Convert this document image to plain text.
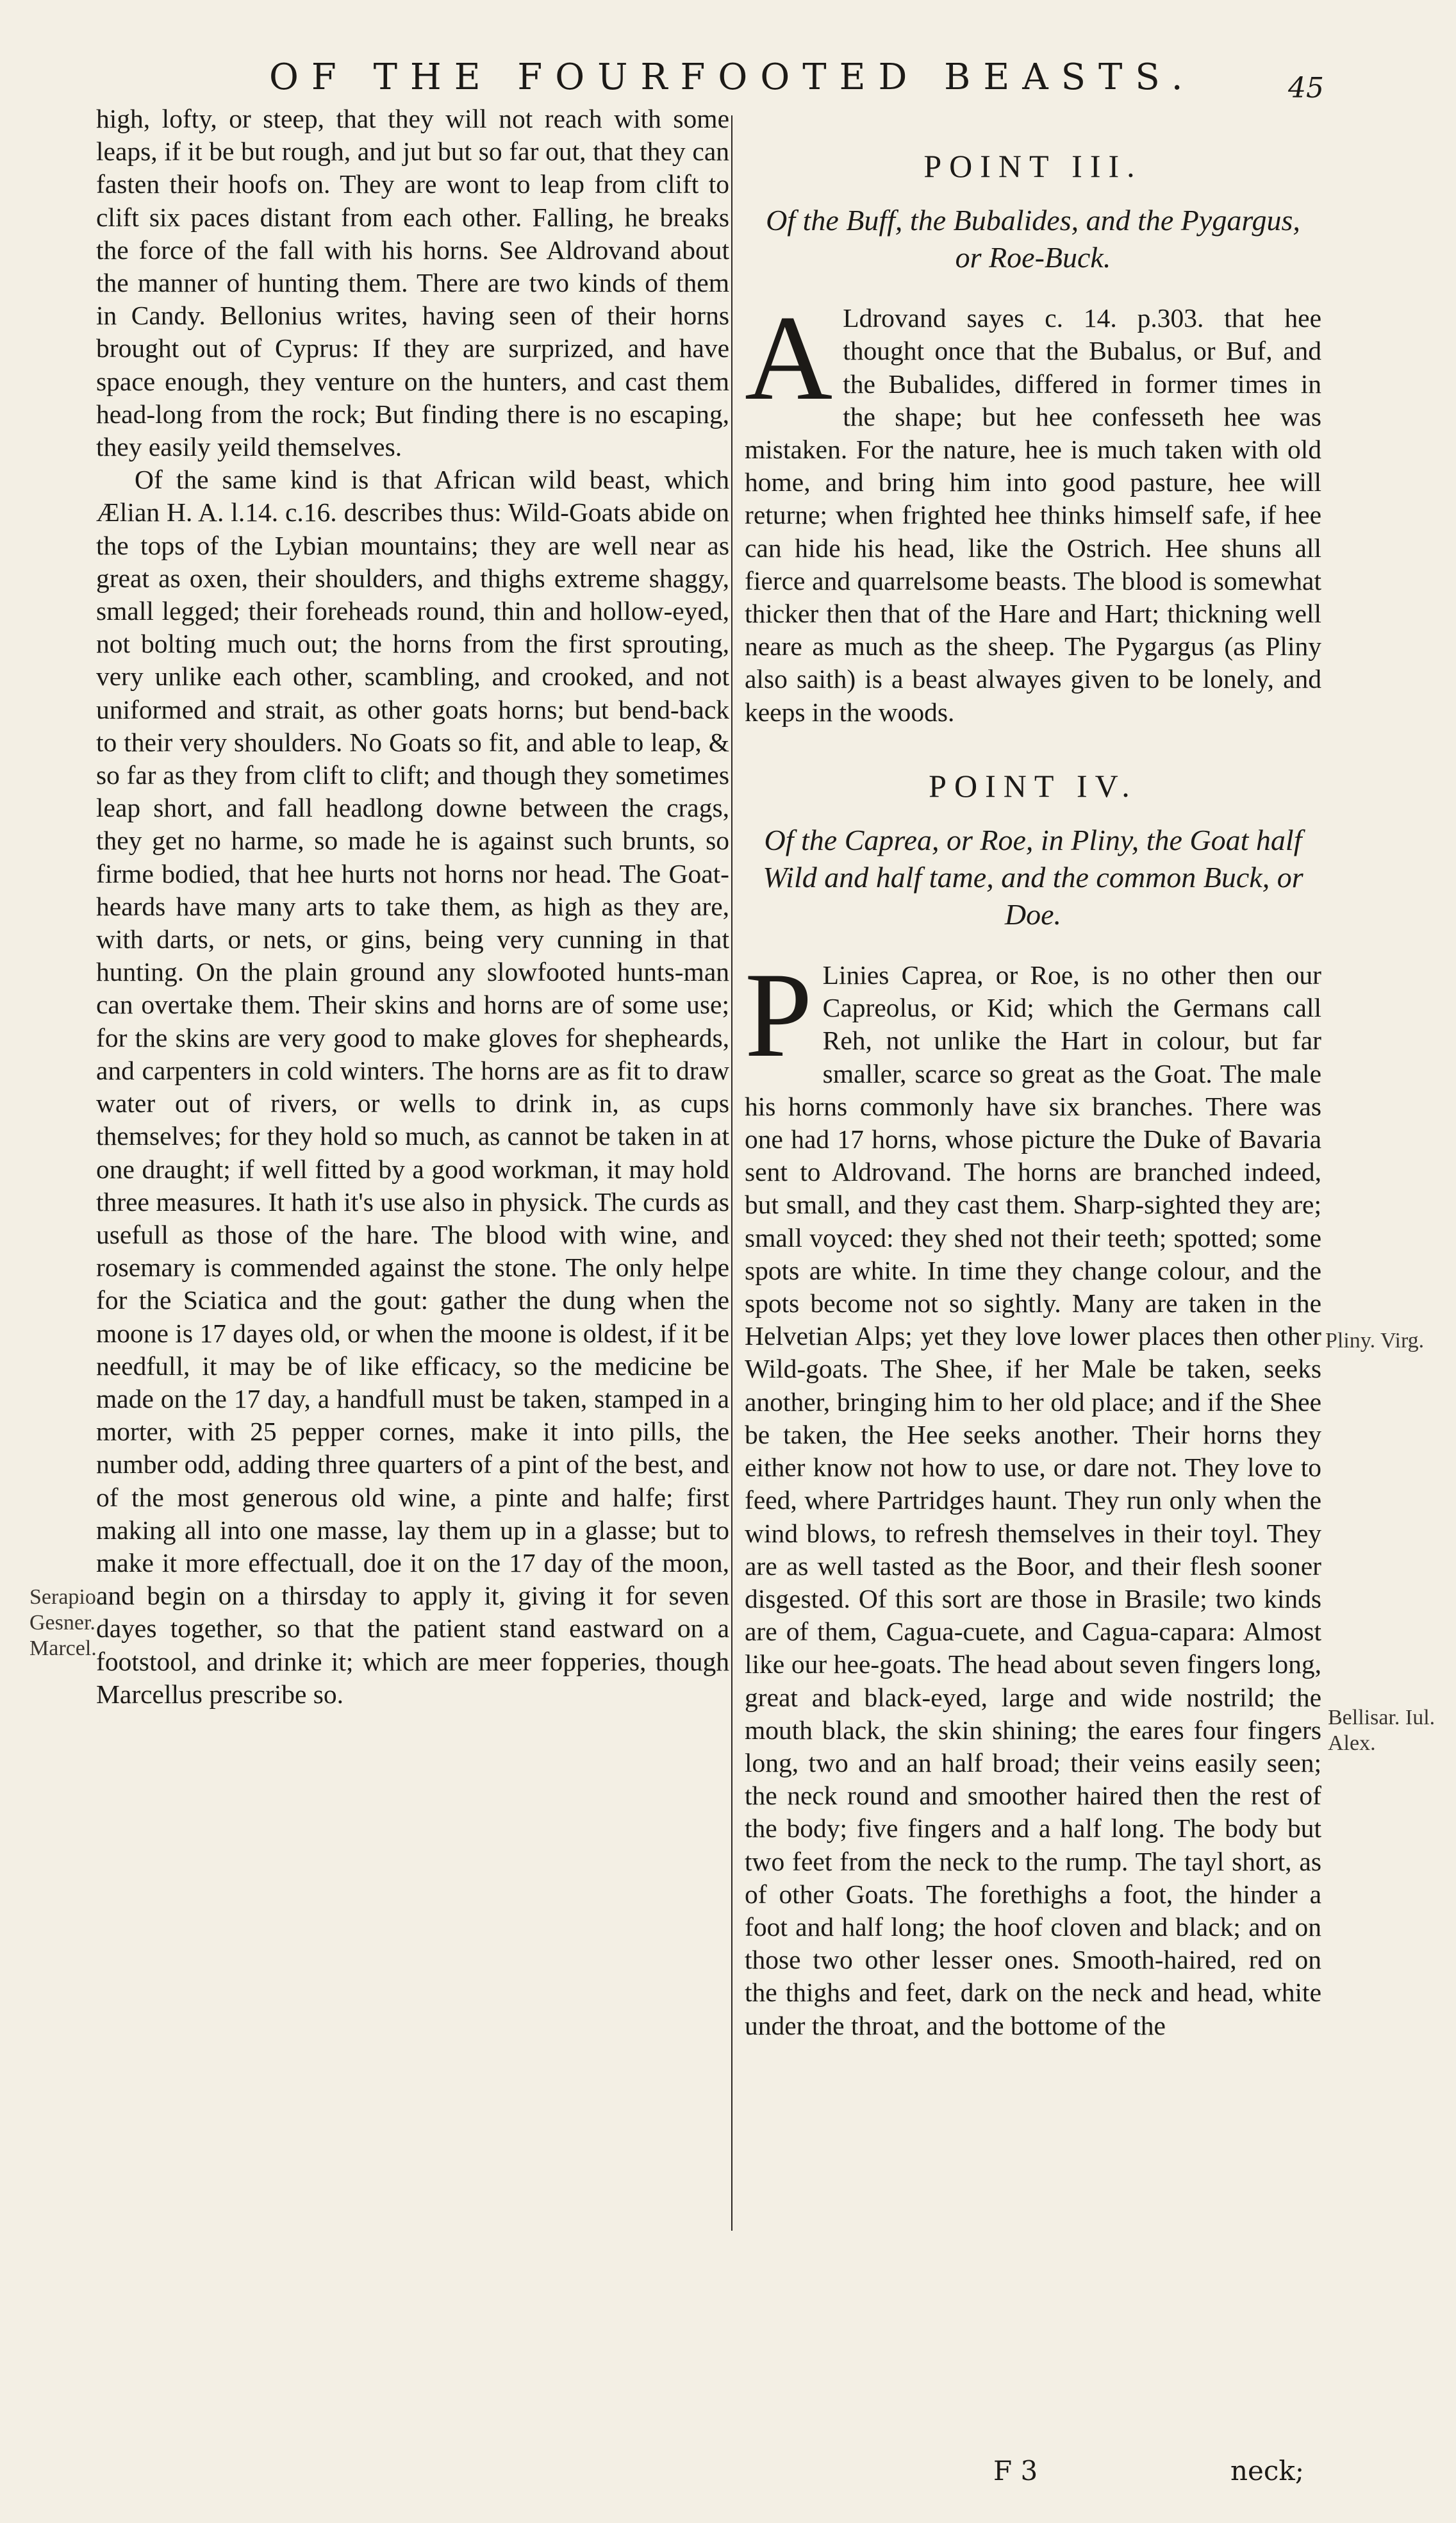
OF THE FOURFOOTED BEASTS.	45

high, lofty, or steep, that they will not reach with some leaps, if it be but rough, and jut but so far out, that they can fasten their hoofs on. They are wont to leap from clift to clift six paces distant from each other. Falling, he breaks the force of the fall with his horns. See Aldrovand about the manner of hunting them. There are two kinds of them in Candy. Bellonius writes, having seen of their horns brought out of Cyprus: If they are surprized, and have space enough, they venture on the hunters, and cast them head-long from the rock; But finding there is no escaping, they easily yeild themselves.

Of the same kind is that African wild beast, which Ælian H. A. l.14. c.16. describes thus: Wild-Goats abide on the tops of the Lybian mountains; they are well near as great as oxen, their shoulders, and thighs extreme shaggy, small legged; their foreheads round, thin and hollow-eyed, not bolting much out; the horns from the first sprouting, very unlike each other, scambling, and crooked, and not uniformed and strait, as other goats horns; but bend-back to their very shoulders. No Goats so fit, and able to leap, & so far as they from clift to clift; and though they sometimes leap short, and fall headlong downe between the crags, they get no harme, so made he is against such brunts, so firme bodied, that hee hurts not horns nor head. The Goat-heards have many arts to take them, as high as they are, with darts, or nets, or gins, being very cunning in that hunting. On the plain ground any slowfooted hunts-man can overtake them. Their skins and horns are of some use; for the skins are very good to make gloves for shepheards, and carpenters in cold winters. The horns are as fit to draw water out of rivers, or wells to drink in, as cups themselves; for they hold so much, as cannot be taken in at one draught; if well fitted by a good workman, it may hold three measures. It hath it's use also in physick. The curds as usefull as those of the hare. The blood with wine, and rosemary is commended against the stone. The only helpe for the Sciatica and the gout: gather the dung when the moone is 17 dayes old, or when the moone is oldest, if it be needfull, it may be of like efficacy, so the medicine be made on the 17 day, a handfull must be taken, stamped in a morter, with 25 pepper cornes, make it into pills, the number odd, adding three quarters of a pint of the best, and of the most generous old wine, a pinte and halfe; first making all into one masse, lay them up in a glasse; but to make it more effectuall, doe it on the 17 day of the moon, and begin on a thirsday to apply it, giving it for seven dayes together, so that the patient stand eastward on a footstool, and drinke it; which are meer fopperies, though Marcellus prescribe so.

POINT III.
Of the Buff, the Bubalides, and the Pygargus, or Roe-Buck.

A Ldrovand sayes c. 14. p.303. that hee thought once that the Bubalus, or Buf, and the Bubalides, differed in former times in the shape; but hee confesseth hee was mistaken. For the nature, hee is much taken with old home, and bring him into good pasture, hee will returne; when frighted hee thinks himself safe, if hee can hide his head, like the Ostrich. Hee shuns all fierce and quarrelsome beasts. The blood is somewhat thicker then that of the Hare and Hart; thickning well neare as much as the sheep. The Pygargus (as Pliny also saith) is a beast alwayes given to be lonely, and keeps in the woods.

POINT IV.
Of the Caprea, or Roe, in Pliny, the Goat half Wild and half tame, and the common Buck, or Doe.

P Linies Caprea, or Roe, is no other then our Capreolus, or Kid; which the Germans call Reh, not unlike the Hart in colour, but far smaller, scarce so great as the Goat. The male his horns commonly have six branches. There was one had 17 horns, whose picture the Duke of Bavaria sent to Aldrovand. The horns are branched indeed, but small, and they cast them. Sharp-sighted they are; small voyced: they shed not their teeth; spotted; some spots are white. In time they change colour, and the spots become not so sightly. Many are taken in the Helvetian Alps; yet they love lower places then other Wild-goats. The Shee, if her Male be taken, seeks another, bringing him to her old place; and if the Shee be taken, the Hee seeks another. Their horns they either know not how to use, or dare not. They love to feed, where Partridges haunt. They run only when the wind blows, to refresh themselves in their toyl. They are as well tasted as the Boor, and their flesh sooner disgested. Of this sort are those in Brasile; two kinds are of them, Cagua-cuete, and Cagua-capara: Almost like our hee-goats. The head about seven fingers long, great and black-eyed, large and wide nostrild; the mouth black, the skin shining; the eares four fingers long, two and an half broad; their veins easily seen; the neck round and smoother haired then the rest of the body; five fingers and a half long. The body but two feet from the neck to the rump. The tayl short, as of other Goats. The forethighs a foot, the hinder a foot and half long; the hoof cloven and black; and on those two other lesser ones. Smooth-haired, red on the thighs and feet, dark on the neck and head, white under the throat, and the bottome of the

Serapio. Gesner. Marcel.
Pliny. Virg.
Bellisar. Iul. Alex.
F 3	neck;
